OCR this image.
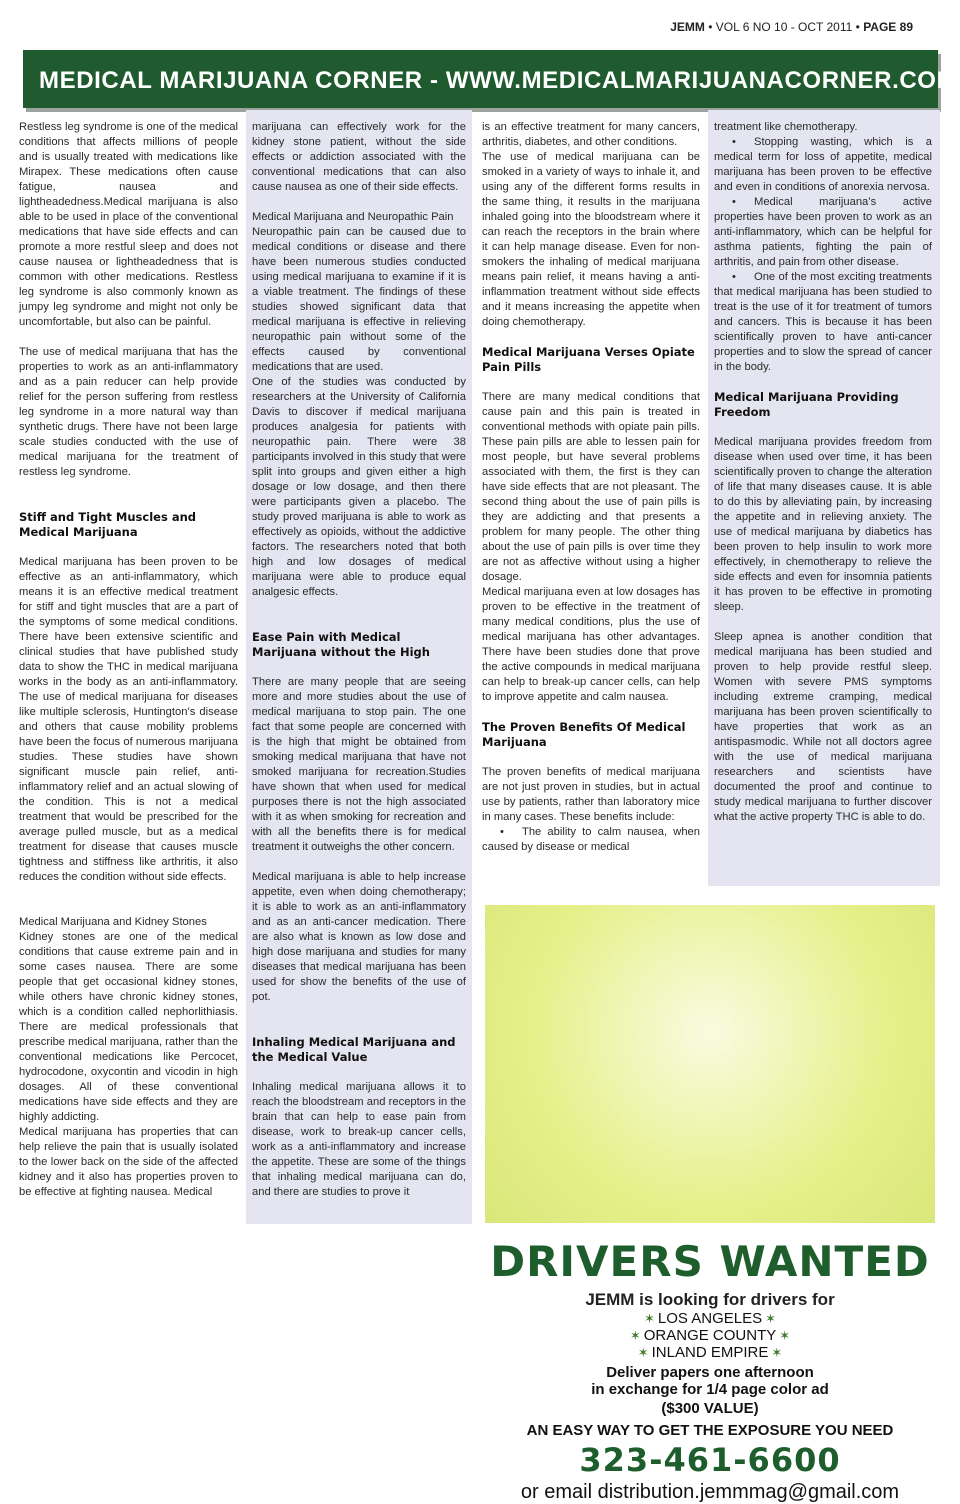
JEMM • VOL 6 NO 10 - OCT 2011 • PAGE 89
MEDICAL MARIJUANA CORNER - WWW.MEDICALMARIJUANACORNER.COM

Restless leg syndrome is one of the medical conditions that affects millions of people and is usually treated with medications like Mirapex. These medications often cause fatigue, nausea and lightheadedness.Medical marijuana is also able to be used in place of the conventional medications that have side effects and can promote a more restful sleep and does not cause nausea or lightheadedness that is common with other medications. Restless leg syndrome is also commonly known as jumpy leg syndrome and might not only be uncomfortable, but also can be painful.

The use of medical marijuana that has the properties to work as an anti-inflammatory and as a pain reducer can help provide relief for the person suffering from restless leg syndrome in a more natural way than synthetic drugs. There have not been large scale studies conducted with the use of medical marijuana for the treatment of restless leg syndrome.

Stiff and Tight Muscles and Medical Marijuana

Medical marijuana has been proven to be effective as an anti-inflammatory, which means it is an effective medical treatment for stiff and tight muscles that are a part of the symptoms of some medical conditions. There have been extensive scientific and clinical studies that have published study data to show the THC in medical marijuana works in the body as an anti-inflammatory. The use of medical marijuana for diseases like multiple sclerosis, Huntington’s disease and others that cause mobility problems have been the focus of numerous marijuana studies. These studies have shown significant muscle pain relief, anti-inflammatory relief and an actual slowing of the condition. This is not a medical treatment that would be prescribed for the average pulled muscle, but as a medical treatment for disease that causes muscle tightness and stiffness like arthritis, it also reduces the condition without side effects.

Medical Marijuana and Kidney Stones

Kidney stones are one of the medical conditions that cause extreme pain and in some cases nausea. There are some people that get occasional kidney stones, while others have chronic kidney stones, which is a condition called nephorlithiasis. There are medical professionals that prescribe medical marijuana, rather than the conventional medications like Percocet, hydrocodone, oxycontin and vicodin in high dosages. All of these conventional medications have side effects and they are highly addicting.

Medical marijuana has properties that can help relieve the pain that is usually isolated to the lower back on the side of the affected kidney and it also has properties proven to be effective at fighting nausea. Medical

marijuana can effectively work for the kidney stone patient, without the side effects or addiction associated with the conventional medications that can also cause nausea as one of their side effects.

Medical Marijuana and Neuropathic Pain

Neuropathic pain can be caused due to medical conditions or disease and there have been numerous studies conducted using medical marijuana to examine if it is a viable treatment. The findings of these studies showed significant data that medical marijuana is effective in relieving neuropathic pain without some of the effects caused by conventional medications that are used.

One of the studies was conducted by researchers at the University of California Davis to discover if medical marijuana produces analgesia for patients with neuropathic pain. There were 38 participants involved in this study that were split into groups and given either a high dosage or low dosage, and then there were participants given a placebo. The study proved marijuana is able to work as effectively as opioids, without the addictive factors. The researchers noted that both high and low dosages of medical marijuana were able to produce equal analgesic effects.

Ease Pain with Medical Marijuana without the High

There are many people that are seeing more and more studies about the use of medical marijuana to stop pain. The one fact that some people are concerned with is the high that might be obtained from smoking medical marijuana that have not smoked marijuana for recreation.Studies have shown that when used for medical purposes there is not the high associated with it as when smoking for recreation and with all the benefits there is for medical treatment it outweighs the other concern.

Medical marijuana is able to help increase appetite, even when doing chemotherapy; it is able to work as an anti-inflammatory and as an anti-cancer medication. There are also what is known as low dose and high dose marijuana and studies for many diseases that medical marijuana has been used for show the benefits of the use of pot.

Inhaling Medical Marijuana and the Medical Value

Inhaling medical marijuana allows it to reach the bloodstream and receptors in the brain that can help to ease pain from disease, work to break-up cancer cells, work as a anti-inflammatory and increase the appetite. These are some of the things that inhaling medical marijuana can do, and there are studies to prove it

is an effective treatment for many cancers, arthritis, diabetes, and other conditions.

The use of medical marijuana can be smoked in a variety of ways to inhale it, and using any of the different forms results in the same thing, it results in the marijuana inhaled going into the bloodstream where it can reach the receptors in the brain where it can help manage disease. Even for non-smokers the inhaling of medical marijuana means pain relief, it means having a anti-inflammation treatment without side effects and it means increasing the appetite when doing chemotherapy.

Medical Marijuana Verses Opiate Pain Pills

There are many medical conditions that cause pain and this pain is treated in conventional methods with opiate pain pills. These pain pills are able to lessen pain for most people, but have several problems associated with them, the first is they can have side effects that are not pleasant. The second thing about the use of pain pills is they are addicting and that presents a problem for many people. The other thing about the use of pain pills is over time they are not as affective without using a higher dosage.

Medical marijuana even at low dosages has proven to be effective in the treatment of many medical conditions, plus the use of medical marijuana has other advantages. There have been studies done that prove the active compounds in medical marijuana can help to break-up cancer cells, can help to improve appetite and calm nausea.

The Proven Benefits Of Medical Marijuana

The proven benefits of medical marijuana are not just proven in studies, but in actual use by patients, rather than laboratory mice in many cases. These benefits include:

• The ability to calm nausea, when caused by disease or medical

treatment like chemotherapy.

• Stopping wasting, which is a medical term for loss of appetite, medical marijuana has been proven to be effective and even in conditions of anorexia nervosa.

• Medical marijuana’s active properties have been proven to work as an anti-inflammatory, which can be helpful for asthma patients, fighting the pain of arthritis, and pain from other disease.

• One of the most exciting treatments that medical marijuana has been studied to treat is the use of it for treatment of tumors and cancers. This is because it has been scientifically proven to have anti-cancer properties and to slow the spread of cancer in the body.

Medical Marijuana Providing Freedom

Medical marijuana provides freedom from disease when used over time, it has been scientifically proven to change the alteration of life that many diseases cause. It is able to do this by alleviating pain, by increasing the appetite and in relieving anxiety. The use of medical marijuana by diabetics has been proven to help insulin to work more effectively, in chemotherapy to relieve the side effects and even for insomnia patients it has proven to be effective in promoting sleep.

Sleep apnea is another condition that medical marijuana has been studied and proven to help provide restful sleep. Women with severe PMS symptoms including extreme cramping, medical marijuana has been proven scientifically to have properties that work as an antispasmodic. While not all doctors agree with the use of medical marijuana researchers and scientists have documented the proof and continue to study medical marijuana to further discover what the active property THC is able to do.

DRIVERS WANTED
JEMM is looking for drivers for
✶ LOS ANGELES ✶
✶ ORANGE COUNTY ✶
✶ INLAND EMPIRE ✶
Deliver papers one afternoon
in exchange for 1/4 page color ad
($300 VALUE)
AN EASY WAY TO GET THE EXPOSURE YOU NEED
323-461-6600
or email distribution.jemmmag@gmail.com
